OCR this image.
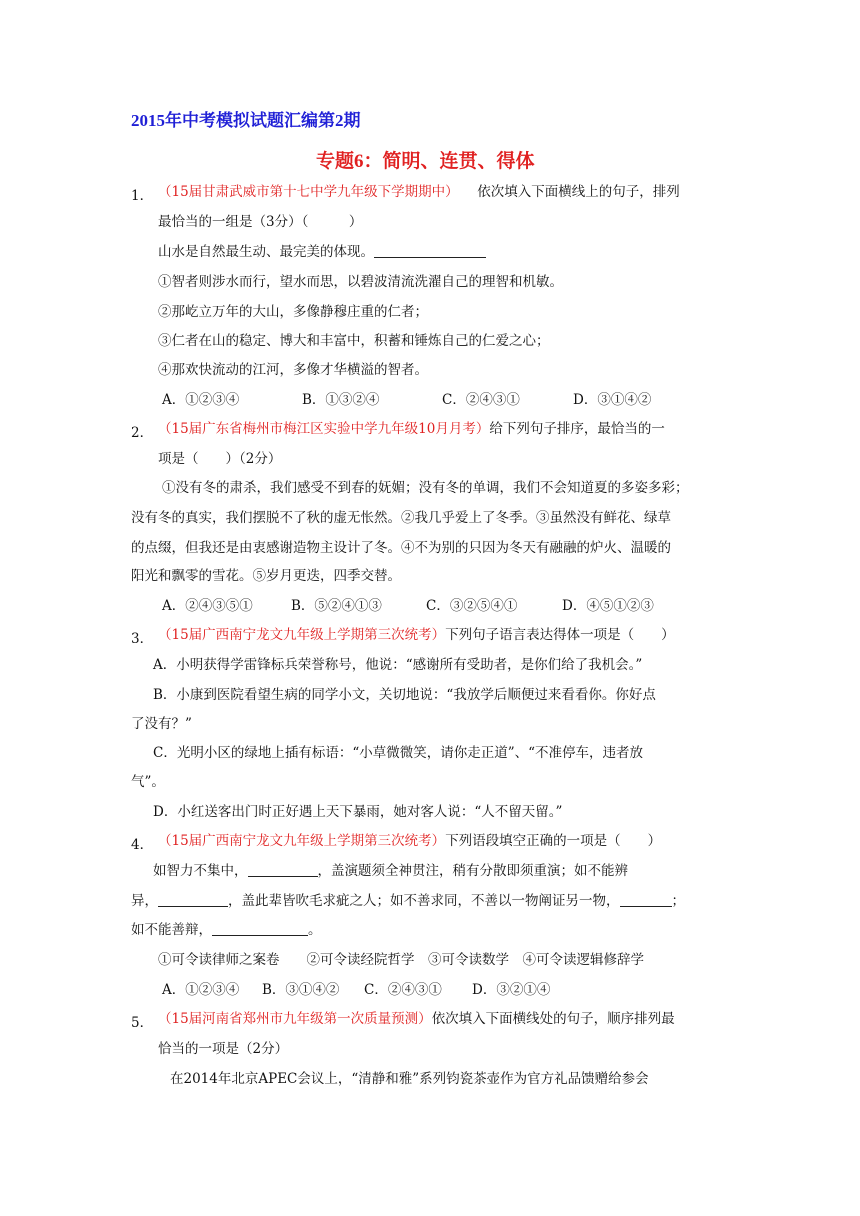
2015年中考模拟试题汇编第2期
专题6：简明、连贯、得体
1． （15届甘肃武威市第十七中学九年级下学期期中） 依次填入下面横线上的句子，排列
最恰当的一组是（3分）（　　　）
山水是自然最生动、最完美的体现。
①智者则涉水而行，望水而思，以碧波清流洗濯自己的理智和机敏。
②那屹立万年的大山，多像静穆庄重的仁者；
③仁者在山的稳定、博大和丰富中，积蓄和锤炼自己的仁爱之心；
④那欢快流动的江河，多像才华横溢的智者。
A．①②③④	B．①③②④	C．②④③①	D．③①④②
2． （15届广东省梅州市梅江区实验中学九年级10月月考）给下列句子排序，最恰当的一
项是（　　）（2分）
①没有冬的肃杀，我们感受不到春的妩媚；没有冬的单调，我们不会知道夏的多姿多彩；
没有冬的真实，我们摆脱不了秋的虚无怅然。②我几乎爱上了冬季。③虽然没有鲜花、绿草
的点缀，但我还是由衷感谢造物主设计了冬。④不为别的只因为冬天有融融的炉火、温暖的
阳光和飘零的雪花。⑤岁月更迭，四季交替。
A．②④③⑤①	B．⑤②④①③	C．③②⑤④①	D．④⑤①②③
3． （15届广西南宁龙文九年级上学期第三次统考）下列句子语言表达得体一项是（　　）
A．小明获得学雷锋标兵荣誉称号，他说：“感谢所有受助者，是你们给了我机会。”
B．小康到医院看望生病的同学小文，关切地说：“我放学后顺便过来看看你。你好点
了没有？”
C．光明小区的绿地上插有标语：“小草微微笑，请你走正道”、“不准停车，违者放
气”。
D．小红送客出门时正好遇上天下暴雨，她对客人说：“人不留天留。”
4． （15届广西南宁龙文九年级上学期第三次统考）下列语段填空正确的一项是（　　）
如智力不集中，	，盖演题须全神贯注，稍有分散即须重演；如不能辨
异，	，盖此辈皆吹毛求疵之人；如不善求同，不善以一物阐证另一物，	；
如不能善辩，	。
①可令读律师之案卷　　②可令读经院哲学　③可令读数学　④可令读逻辑修辞学
A．①②③④ B．③①④② C．②④③① D．③②①④
5． （15届河南省郑州市九年级第一次质量预测）依次填入下面横线处的句子，顺序排列最
恰当的一项是（2分）
在2014年北京APEC会议上，“清静和雅”系列钧瓷茶壶作为官方礼品馈赠给参会
